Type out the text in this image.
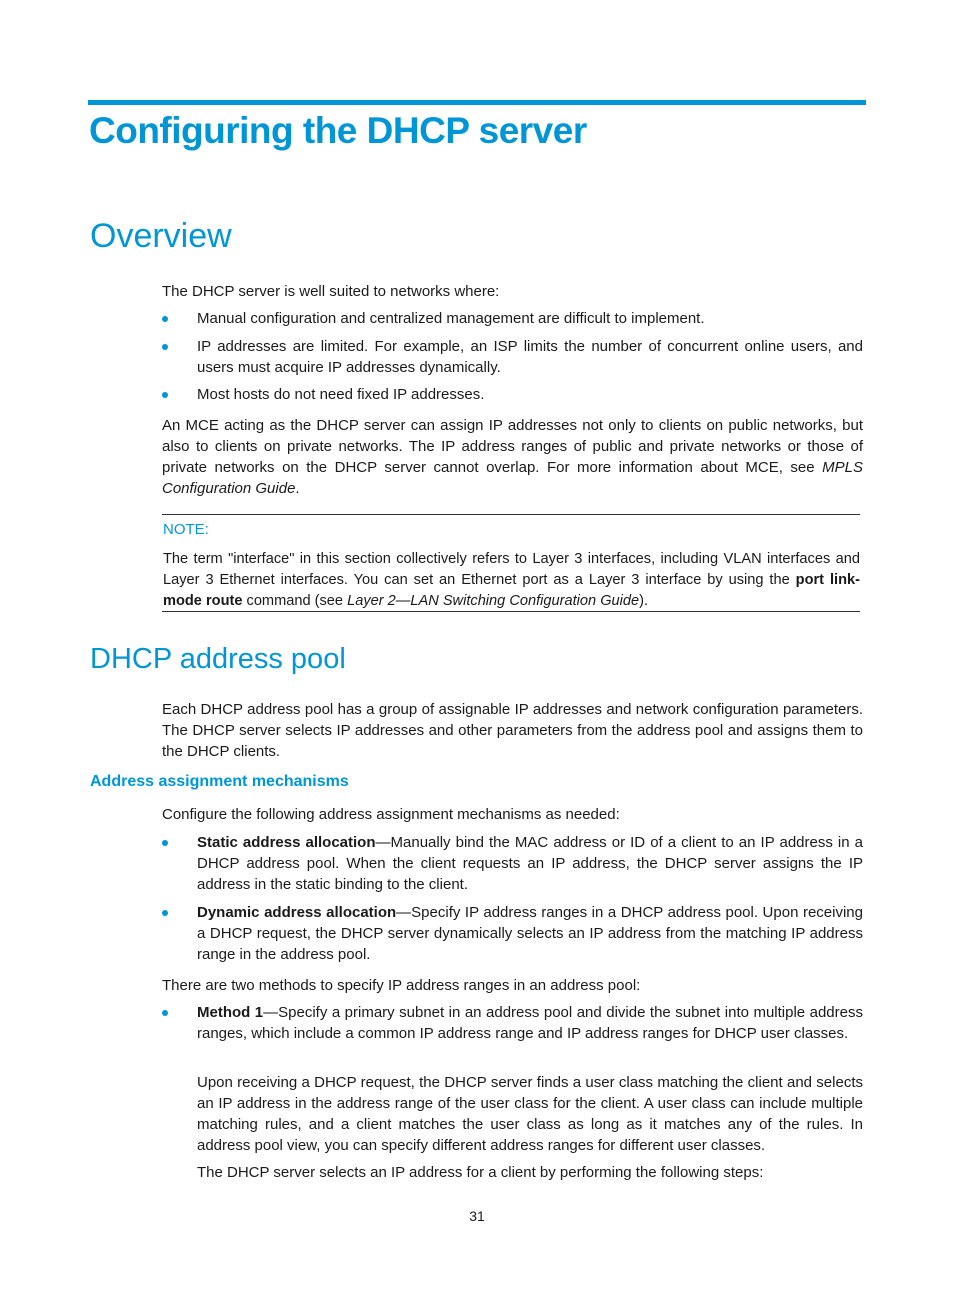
Configuring the DHCP server
Overview

The DHCP server is well suited to networks where:

Manual configuration and centralized management are difficult to implement.

IP addresses are limited. For example, an ISP limits the number of concurrent online users, and users must acquire IP addresses dynamically.

Most hosts do not need fixed IP addresses.

An MCE acting as the DHCP server can assign IP addresses not only to clients on public networks, but also to clients on private networks. The IP address ranges of public and private networks or those of private networks on the DHCP server cannot overlap. For more information about MCE, see MPLS Configuration Guide.

NOTE:

The term "interface" in this section collectively refers to Layer 3 interfaces, including VLAN interfaces and Layer 3 Ethernet interfaces. You can set an Ethernet port as a Layer 3 interface by using the port link-mode route command (see Layer 2—LAN Switching Configuration Guide).

DHCP address pool

Each DHCP address pool has a group of assignable IP addresses and network configuration parameters. The DHCP server selects IP addresses and other parameters from the address pool and assigns them to the DHCP clients.

Address assignment mechanisms

Configure the following address assignment mechanisms as needed:

Static address allocation—Manually bind the MAC address or ID of a client to an IP address in a DHCP address pool. When the client requests an IP address, the DHCP server assigns the IP address in the static binding to the client.

Dynamic address allocation—Specify IP address ranges in a DHCP address pool. Upon receiving a DHCP request, the DHCP server dynamically selects an IP address from the matching IP address range in the address pool.

There are two methods to specify IP address ranges in an address pool:

Method 1—Specify a primary subnet in an address pool and divide the subnet into multiple address ranges, which include a common IP address range and IP address ranges for DHCP user classes.

Upon receiving a DHCP request, the DHCP server finds a user class matching the client and selects an IP address in the address range of the user class for the client. A user class can include multiple matching rules, and a client matches the user class as long as it matches any of the rules. In address pool view, you can specify different address ranges for different user classes.

The DHCP server selects an IP address for a client by performing the following steps:

31
